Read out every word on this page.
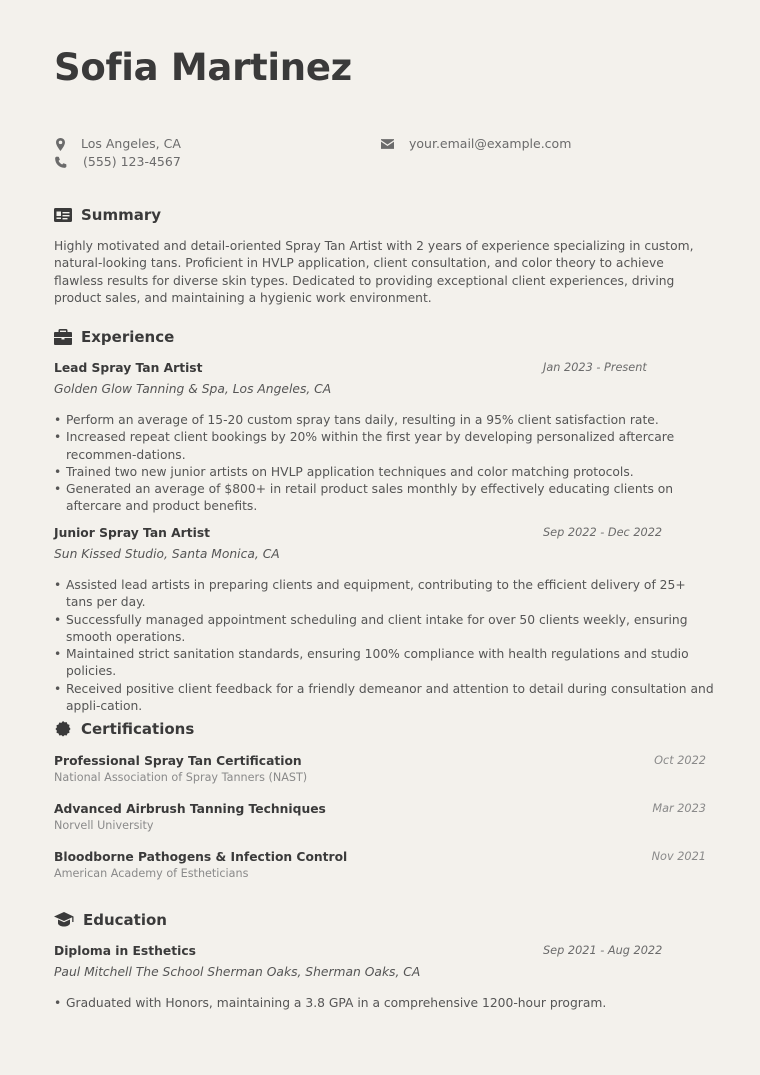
Sofia Martinez
Los Angeles, CA
(555) 123-4567
your.email@example.com
Summary
Highly motivated and detail-oriented Spray Tan Artist with 2 years of experience specializing in custom, natural-looking tans. Proficient in HVLP application, client consultation, and color theory to achieve flawless results for diverse skin types. Dedicated to providing exceptional client experiences, driving product sales, and maintaining a hygienic work environment.
Experience
Lead Spray Tan Artist	Jan 2023 - Present
Golden Glow Tanning & Spa, Los Angeles, CA
• Perform an average of 15-20 custom spray tans daily, resulting in a 95% client satisfaction rate.
• Increased repeat client bookings by 20% within the first year by developing personalized aftercare recommen-dations.
• Trained two new junior artists on HVLP application techniques and color matching protocols.
• Generated an average of $800+ in retail product sales monthly by effectively educating clients on aftercare and product benefits.
Junior Spray Tan Artist	Sep 2022 - Dec 2022
Sun Kissed Studio, Santa Monica, CA
• Assisted lead artists in preparing clients and equipment, contributing to the efficient delivery of 25+ tans per day.
• Successfully managed appointment scheduling and client intake for over 50 clients weekly, ensuring smooth operations.
• Maintained strict sanitation standards, ensuring 100% compliance with health regulations and studio policies.
• Received positive client feedback for a friendly demeanor and attention to detail during consultation and appli-cation.
Certifications
Professional Spray Tan Certification	Oct 2022
National Association of Spray Tanners (NAST)
Advanced Airbrush Tanning Techniques	Mar 2023
Norvell University
Bloodborne Pathogens & Infection Control	Nov 2021
American Academy of Estheticians
Education
Diploma in Esthetics	Sep 2021 - Aug 2022
Paul Mitchell The School Sherman Oaks, Sherman Oaks, CA
• Graduated with Honors, maintaining a 3.8 GPA in a comprehensive 1200-hour program.
